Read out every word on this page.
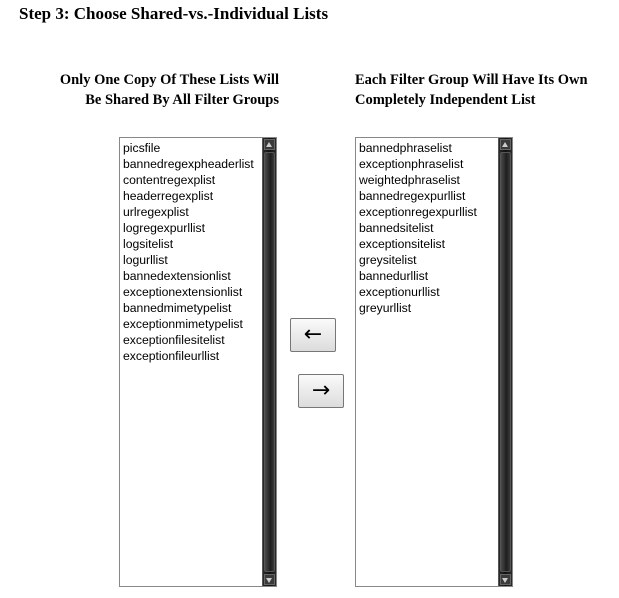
Step 3: Choose Shared-vs.-Individual Lists
Only One Copy Of These Lists Will
Be Shared By All Filter Groups
Each Filter Group Will Have Its Own
Completely Independent List
picsfile
bannedregexpheaderlist
contentregexplist
headerregexplist
urlregexplist
logregexpurllist
logsitelist
logurllist
bannedextensionlist
exceptionextensionlist
bannedmimetypelist
exceptionmimetypelist
exceptionfilesitelist
exceptionfileurllist
←
→
bannedphraselist
exceptionphraselist
weightedphraselist
bannedregexpurllist
exceptionregexpurllist
bannedsitelist
exceptionsitelist
greysitelist
bannedurllist
exceptionurllist
greyurllist
